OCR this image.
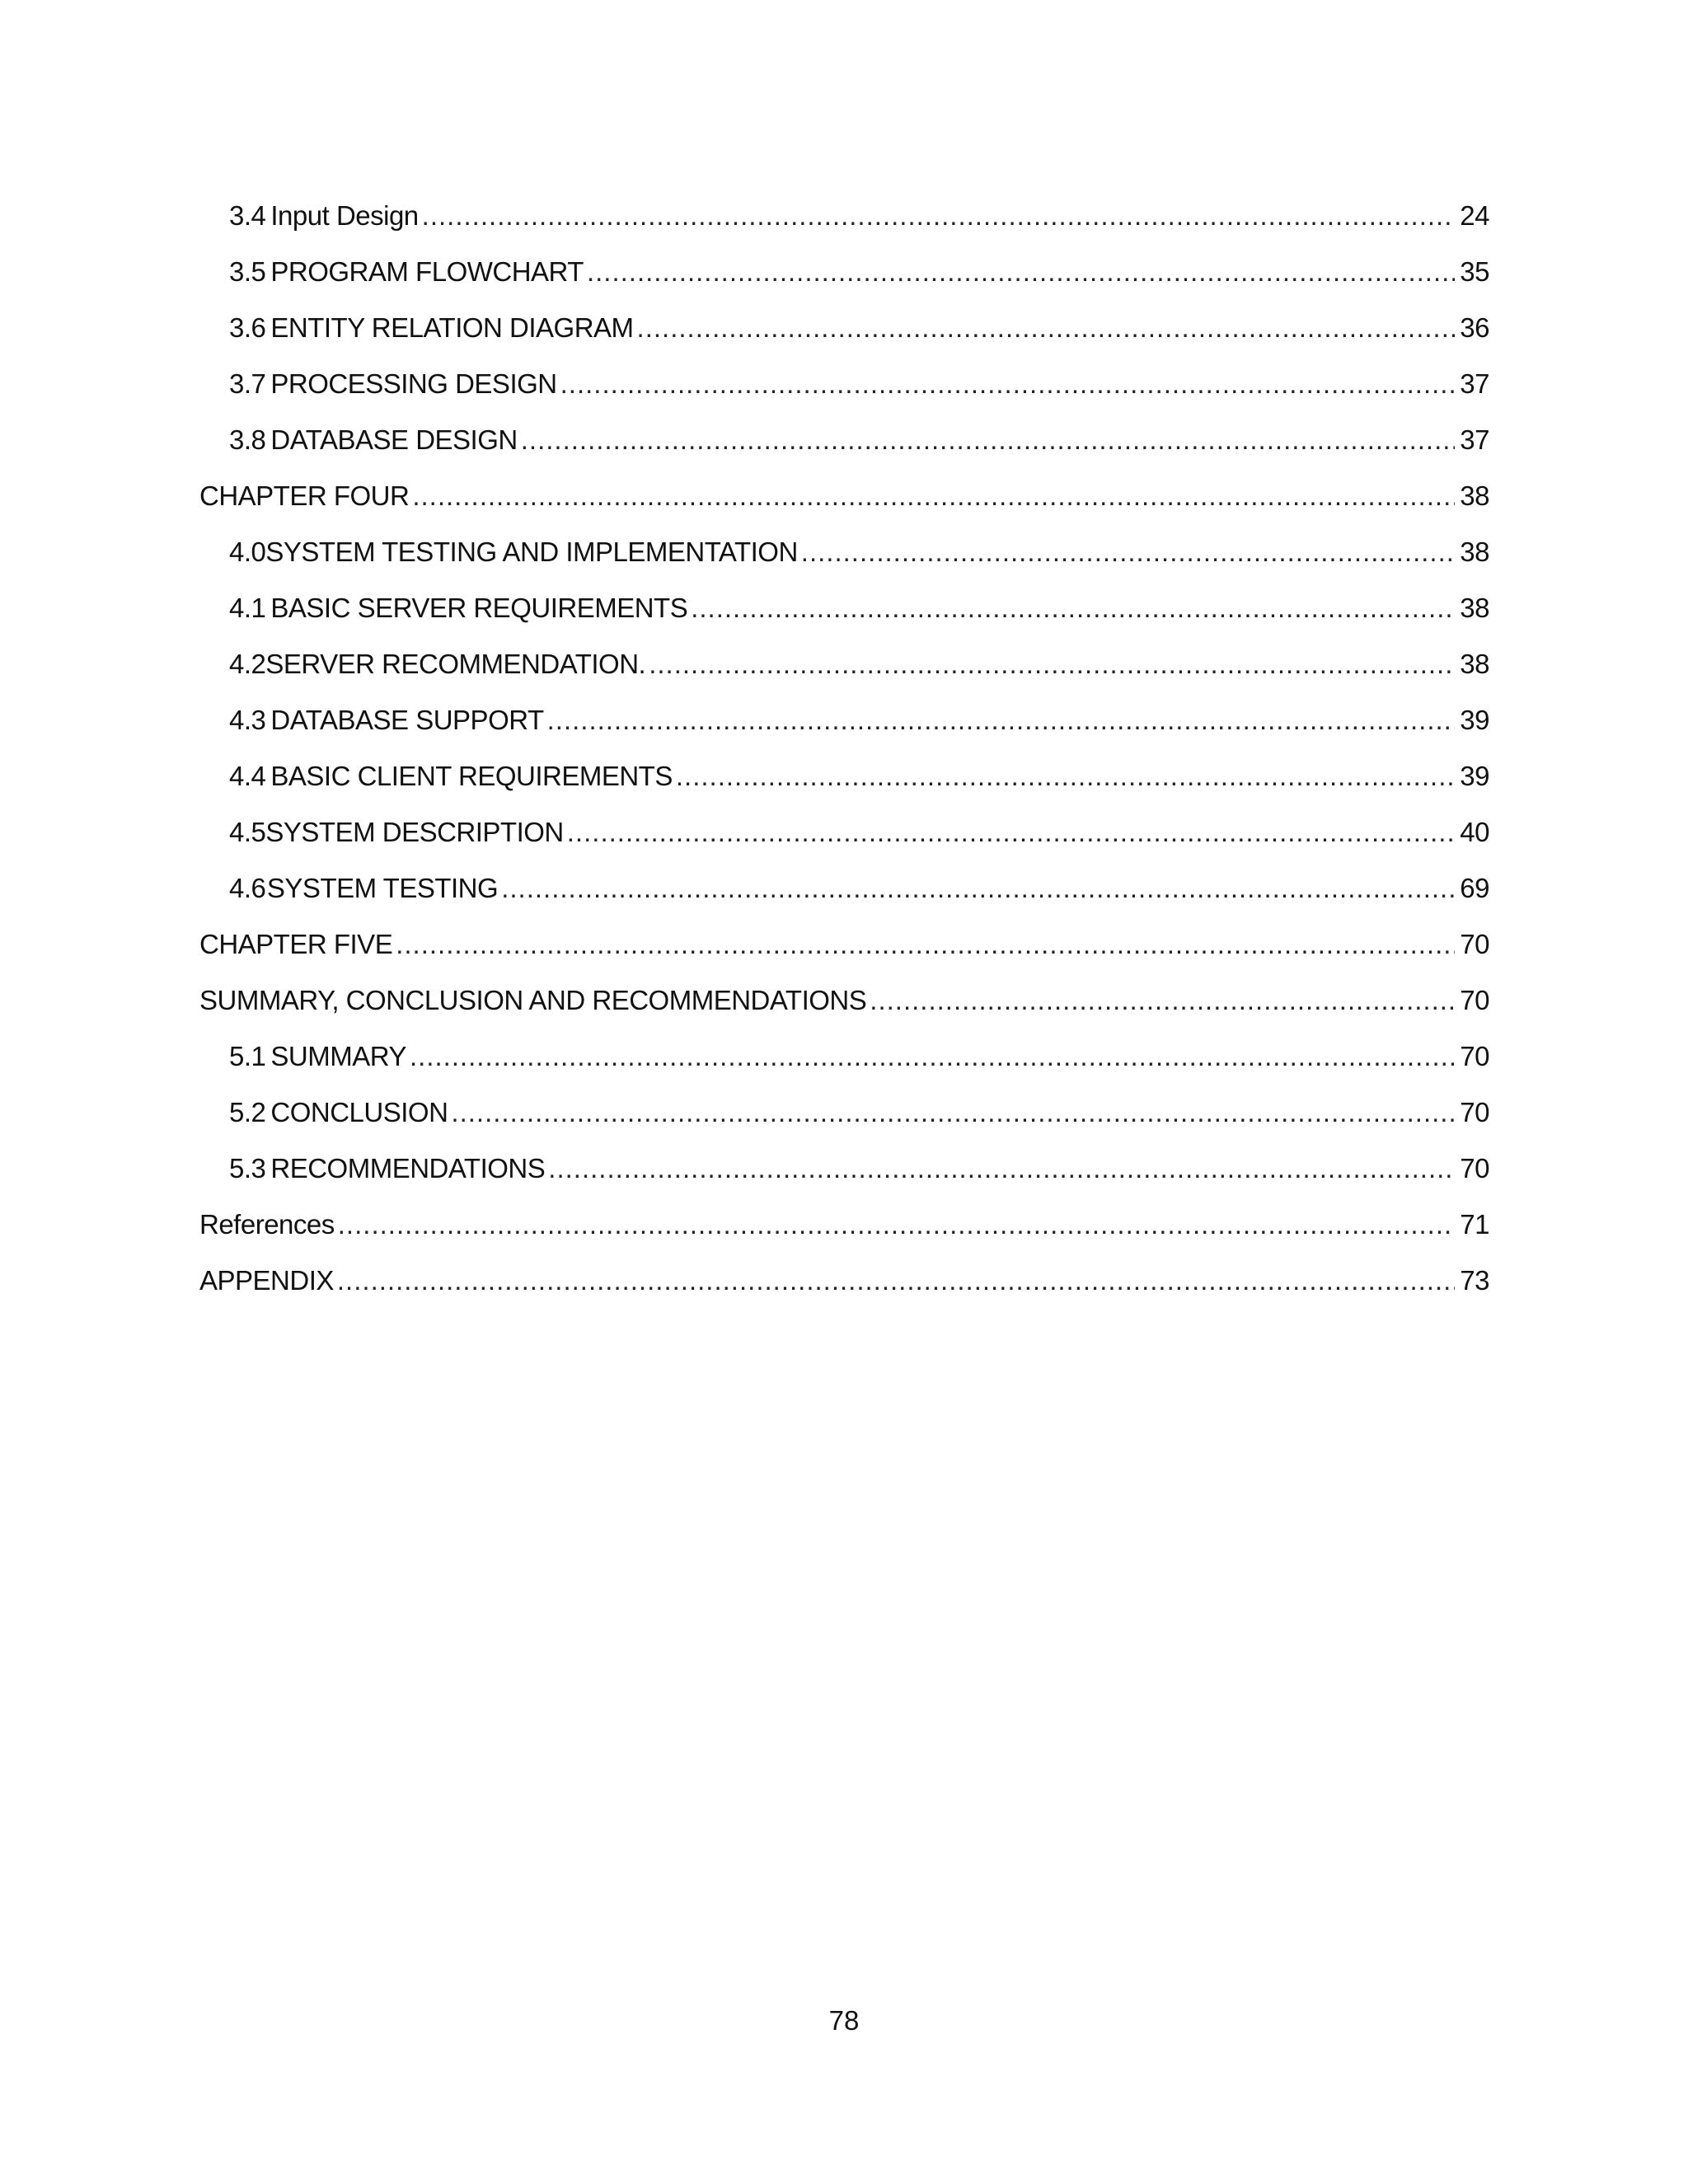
3.4 Input Design .....	24
3.5 PROGRAM FLOWCHART .....	35
3.6 ENTITY RELATION DIAGRAM .....	36
3.7 PROCESSING DESIGN .....	37
3.8 DATABASE DESIGN .....	37
CHAPTER FOUR .....	38
4.0 SYSTEM TESTING AND IMPLEMENTATION .....	38
4.1 BASIC SERVER REQUIREMENTS .....	38
4.2 SERVER RECOMMENDATION. .....	38
4.3 DATABASE SUPPORT .....	39
4.4 BASIC CLIENT REQUIREMENTS .....	39
4.5 SYSTEM DESCRIPTION .....	40
4.6 SYSTEM TESTING .....	69
CHAPTER FIVE .....	70
SUMMARY, CONCLUSION AND RECOMMENDATIONS .....	70
5.1 SUMMARY .....	70
5.2 CONCLUSION .....	70
5.3 RECOMMENDATIONS .....	70
References .....	71
APPENDIX .....	73
78
